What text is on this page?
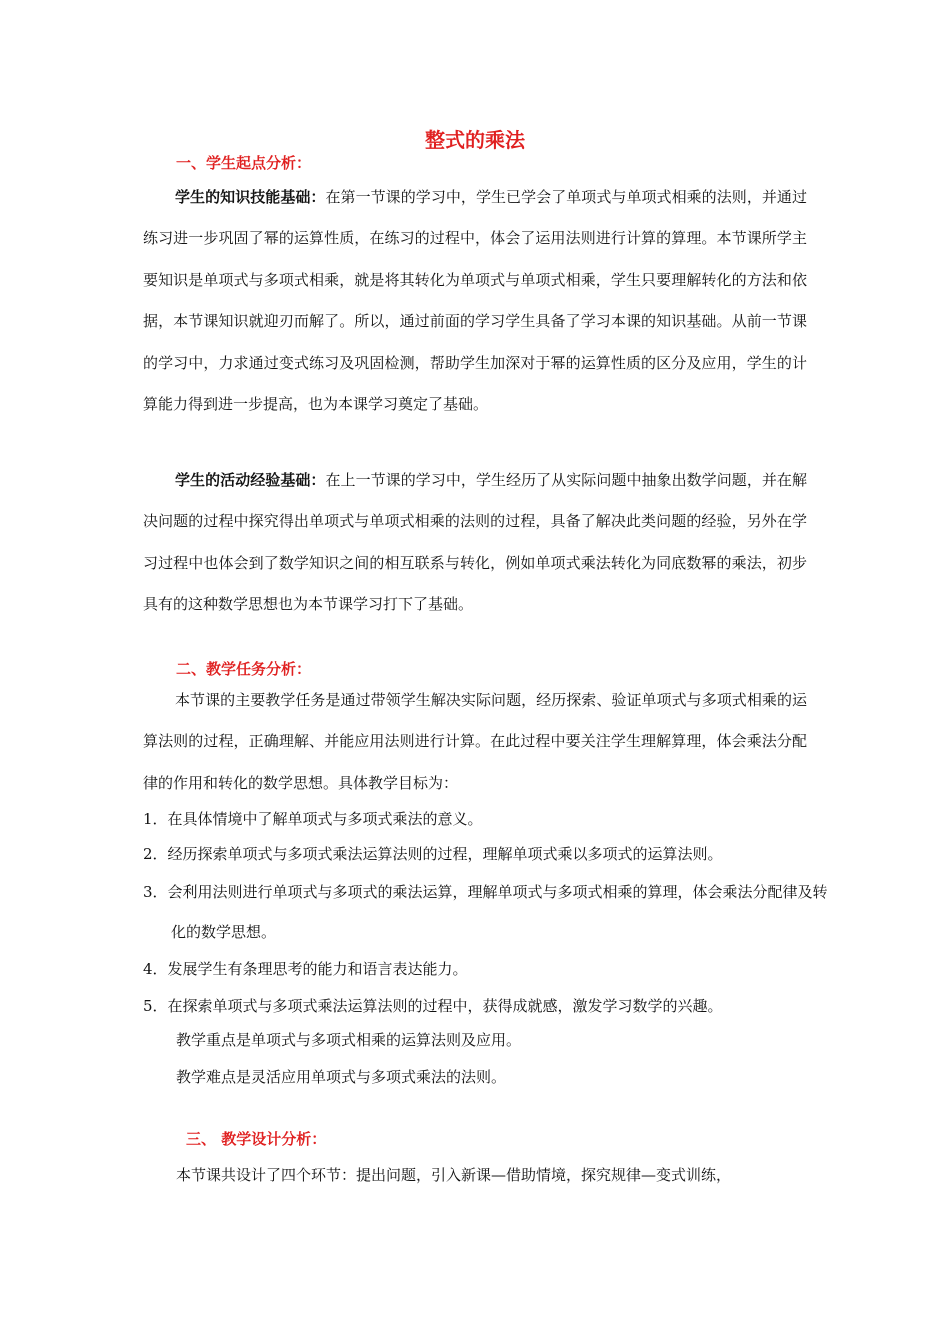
整式的乘法
一、学生起点分析：
学生的知识技能基础：在第一节课的学习中，学生已学会了单项式与单项式相乘的法则，并通过练习进一步巩固了幂的运算性质，在练习的过程中，体会了运用法则进行计算的算理。本节课所学主要知识是单项式与多项式相乘，就是将其转化为单项式与单项式相乘，学生只要理解转化的方法和依据，本节课知识就迎刃而解了。所以，通过前面的学习学生具备了学习本课的知识基础。从前一节课的学习中，力求通过变式练习及巩固检测，帮助学生加深对于幂的运算性质的区分及应用，学生的计算能力得到进一步提高，也为本课学习奠定了基础。
学生的活动经验基础：在上一节课的学习中，学生经历了从实际问题中抽象出数学问题，并在解决问题的过程中探究得出单项式与单项式相乘的法则的过程，具备了解决此类问题的经验，另外在学习过程中也体会到了数学知识之间的相互联系与转化，例如单项式乘法转化为同底数幂的乘法，初步具有的这种数学思想也为本节课学习打下了基础。
二、教学任务分析：
本节课的主要教学任务是通过带领学生解决实际问题，经历探索、验证单项式与多项式相乘的运算法则的过程，正确理解、并能应用法则进行计算。在此过程中要关注学生理解算理，体会乘法分配律的作用和转化的数学思想。具体教学目标为：
1．在具体情境中了解单项式与多项式乘法的意义。
2．经历探索单项式与多项式乘法运算法则的过程，理解单项式乘以多项式的运算法则。
3．会利用法则进行单项式与多项式的乘法运算，理解单项式与多项式相乘的算理，体会乘法分配律及转化的数学思想。
4．发展学生有条理思考的能力和语言表达能力。
5．在探索单项式与多项式乘法运算法则的过程中，获得成就感，激发学习数学的兴趣。
教学重点是单项式与多项式相乘的运算法则及应用。
教学难点是灵活应用单项式与多项式乘法的法则。
三、 教学设计分析：
本节课共设计了四个环节：提出问题，引入新课—借助情境，探究规律—变式训练，
